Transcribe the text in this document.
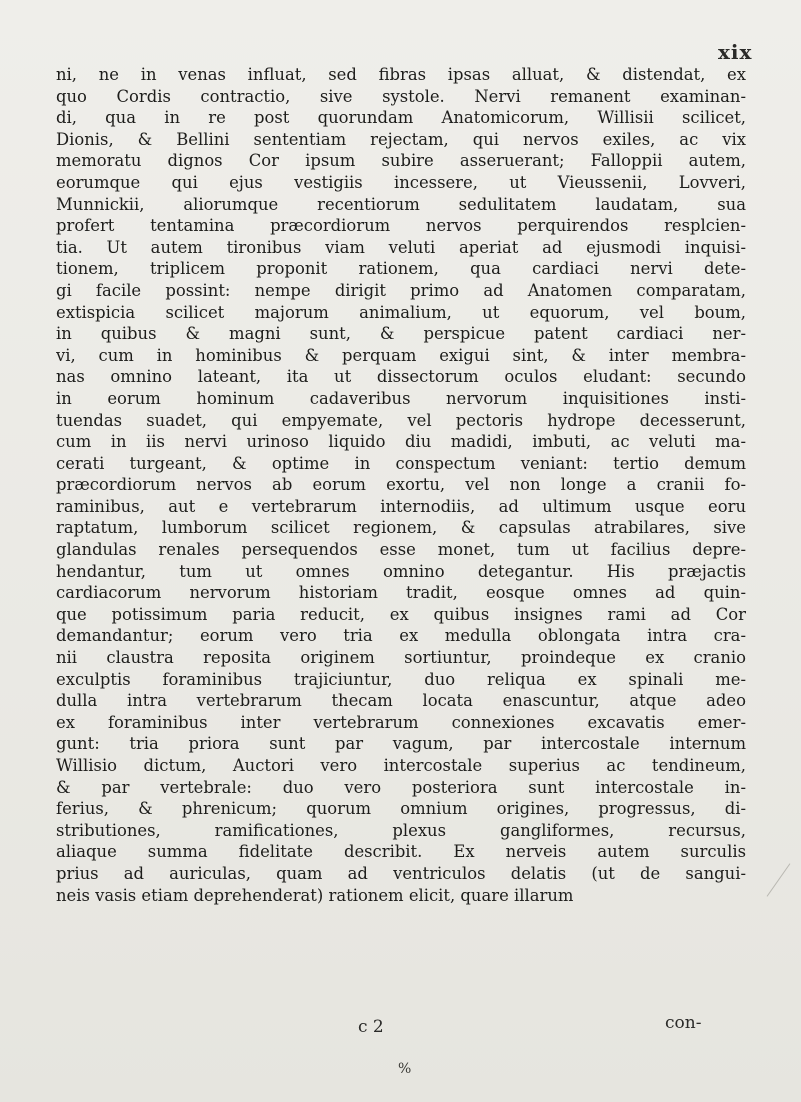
xix
ni, ne in venas influat, sed fibras ipsas alluat, & distendat, ex
quo Cordis contractio, sive systole. Nervi remanent examinan-
di, qua in re post quorundam Anatomicorum, Willisii scilicet,
Dionis, & Bellini sententiam rejectam, qui nervos exiles, ac vix
memoratu dignos Cor ipsum subire asseruerant; Falloppii autem,
eorumque qui ejus vestigiis incessere, ut Vieussenii, Lovveri,
Munnickii, aliorumque recentiorum sedulitatem laudatam, sua
profert tentamina præcordiorum nervos perquirendos resplcien-
tia. Ut autem tironibus viam veluti aperiat ad ejusmodi inquisi-
tionem, triplicem proponit rationem, qua cardiaci nervi dete-
gi facile possint: nempe dirigit primo ad Anatomen comparatam,
extispicia scilicet majorum animalium, ut equorum, vel boum,
in quibus & magni sunt, & perspicue patent cardiaci ner-
vi, cum in hominibus & perquam exigui sint, & inter membra-
nas omnino lateant, ita ut dissectorum oculos eludant: secundo
in eorum hominum cadaveribus nervorum inquisitiones insti-
tuendas suadet, qui empyemate, vel pectoris hydrope decesserunt,
cum in iis nervi urinoso liquido diu madidi, imbuti, ac veluti ma-
cerati turgeant, & optime in conspectum veniant: tertio demum
præcordiorum nervos ab eorum exortu, vel non longe a cranii fo-
raminibus, aut e vertebrarum internodiis, ad ultimum usque eoru
raptatum, lumborum scilicet regionem, & capsulas atrabilares, sive
glandulas renales persequendos esse monet, tum ut facilius depre-
hendantur, tum ut omnes omnino detegantur. His præjactis
cardiacorum nervorum historiam tradit, eosque omnes ad quin-
que potissimum paria reducit, ex quibus insignes rami ad Cor
demandantur; eorum vero tria ex medulla oblongata intra cra-
nii claustra reposita originem sortiuntur, proindeque ex cranio
exculptis foraminibus trajiciuntur, duo reliqua ex spinali me-
dulla intra vertebrarum thecam locata enascuntur, atque adeo
ex foraminibus inter vertebrarum connexiones excavatis emer-
gunt: tria priora sunt par vagum, par intercostale internum
Willisio dictum, Auctori vero intercostale superius ac tendineum,
& par vertebrale: duo vero posteriora sunt intercostale in-
ferius, & phrenicum; quorum omnium origines, progressus, di-
stributiones, ramificationes, plexus gangliformes, recursus,
aliaque summa fidelitate describit. Ex nerveis autem surculis
prius ad auriculas, quam ad ventriculos delatis (ut de sangui-
neis vasis etiam deprehenderat) rationem elicit, quare illarum
c 2	con-
%
